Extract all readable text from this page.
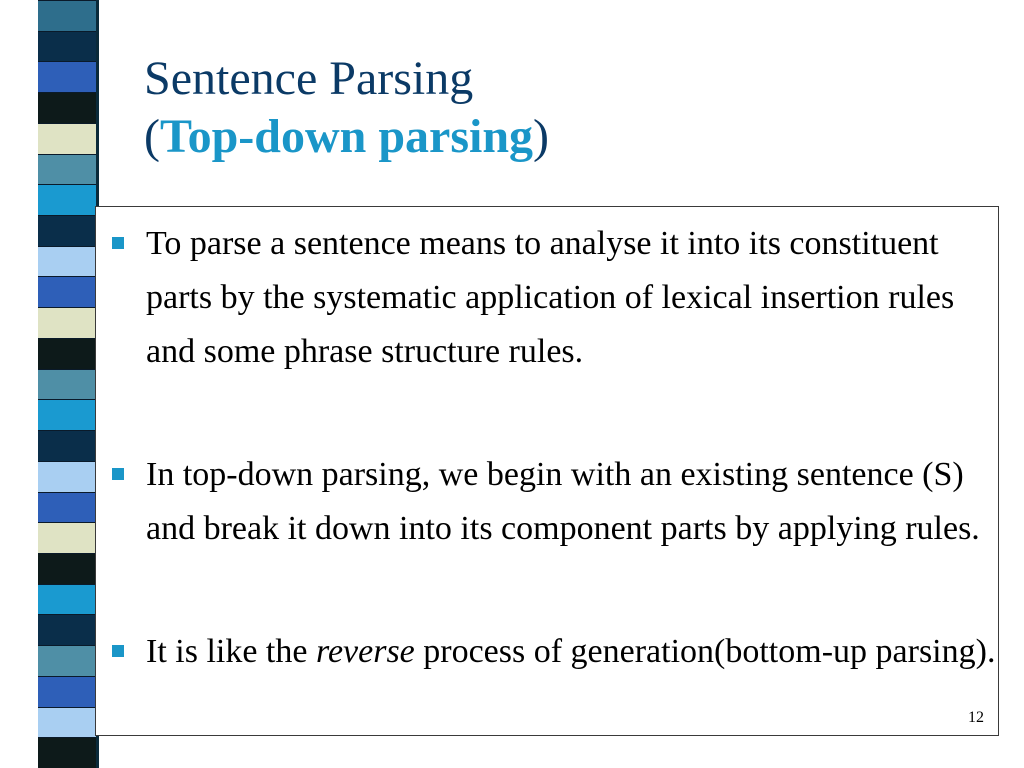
Sentence Parsing
(Top-down parsing)
To parse a sentence means to analyse it into its constituent parts by the systematic application of lexical insertion rules and some phrase structure rules.
In top-down parsing, we begin with an existing sentence (S) and break it down into its component parts by applying rules.
It is like the reverse process of generation(bottom-up parsing).
12
